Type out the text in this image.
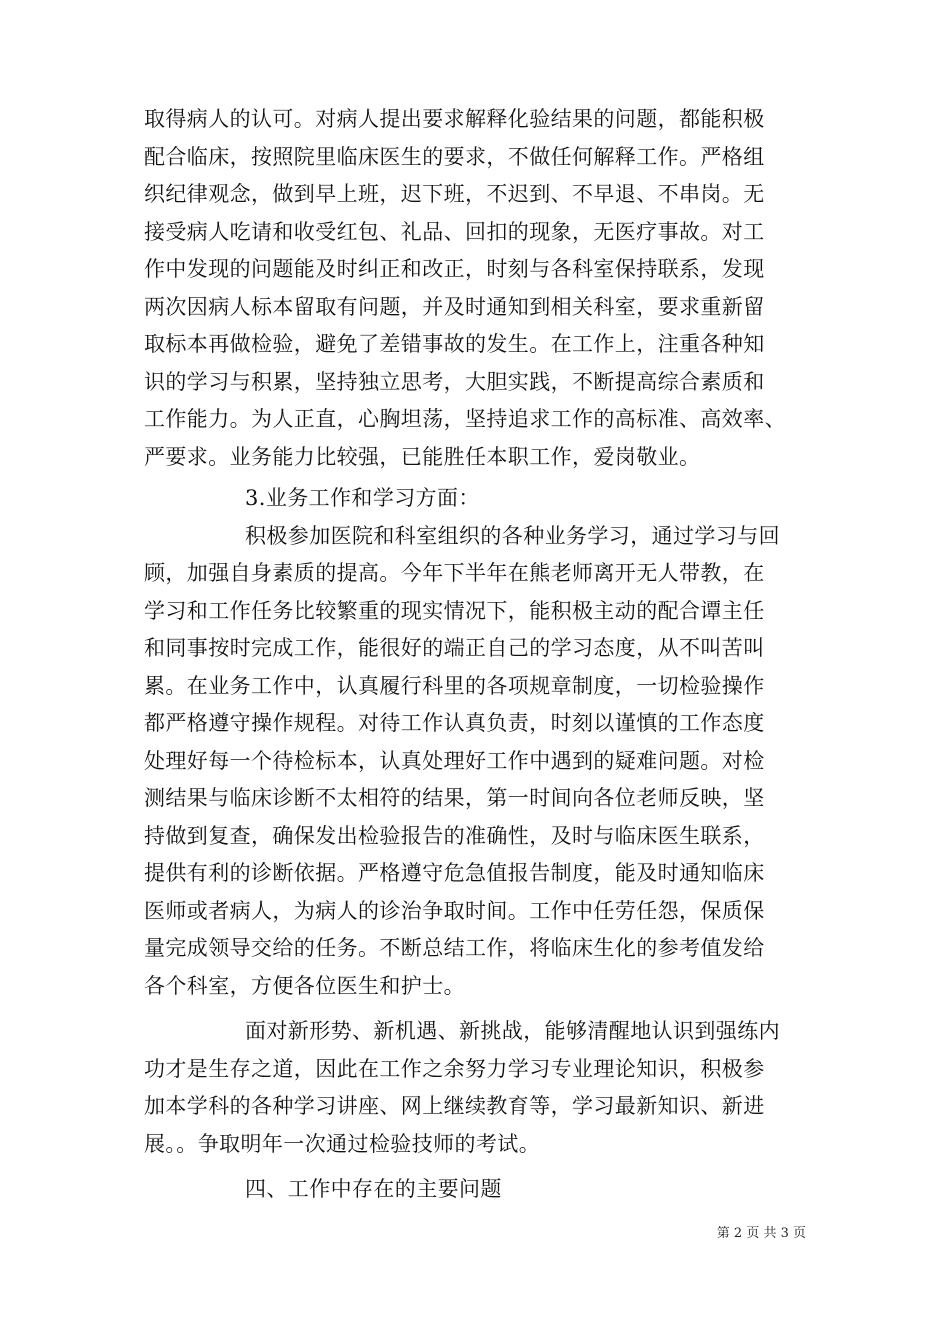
取得病人的认可。对病人提出要求解释化验结果的问题，都能积极
配合临床，按照院里临床医生的要求，不做任何解释工作。严格组
织纪律观念，做到早上班，迟下班，不迟到、不早退、不串岗。无
接受病人吃请和收受红包、礼品、回扣的现象，无医疗事故。对工
作中发现的问题能及时纠正和改正，时刻与各科室保持联系，发现
两次因病人标本留取有问题，并及时通知到相关科室，要求重新留
取标本再做检验，避免了差错事故的发生。在工作上，注重各种知
识的学习与积累，坚持独立思考，大胆实践，不断提高综合素质和
工作能力。为人正直，心胸坦荡，坚持追求工作的高标准、高效率、
严要求。业务能力比较强，已能胜任本职工作，爱岗敬业。
3.业务工作和学习方面：
积极参加医院和科室组织的各种业务学习，通过学习与回
顾，加强自身素质的提高。今年下半年在熊老师离开无人带教，在
学习和工作任务比较繁重的现实情况下，能积极主动的配合谭主任
和同事按时完成工作，能很好的端正自己的学习态度，从不叫苦叫
累。在业务工作中，认真履行科里的各项规章制度，一切检验操作
都严格遵守操作规程。对待工作认真负责，时刻以谨慎的工作态度
处理好每一个待检标本，认真处理好工作中遇到的疑难问题。对检
测结果与临床诊断不太相符的结果，第一时间向各位老师反映，坚
持做到复查，确保发出检验报告的准确性，及时与临床医生联系，
提供有利的诊断依据。严格遵守危急值报告制度，能及时通知临床
医师或者病人，为病人的诊治争取时间。工作中任劳任怨，保质保
量完成领导交给的任务。不断总结工作，将临床生化的参考值发给
各个科室，方便各位医生和护士。
面对新形势、新机遇、新挑战，能够清醒地认识到强练内
功才是生存之道，因此在工作之余努力学习专业理论知识，积极参
加本学科的各种学习讲座、网上继续教育等，学习最新知识、新进
展。。争取明年一次通过检验技师的考试。
四、工作中存在的主要问题
第 2 页 共 3 页
